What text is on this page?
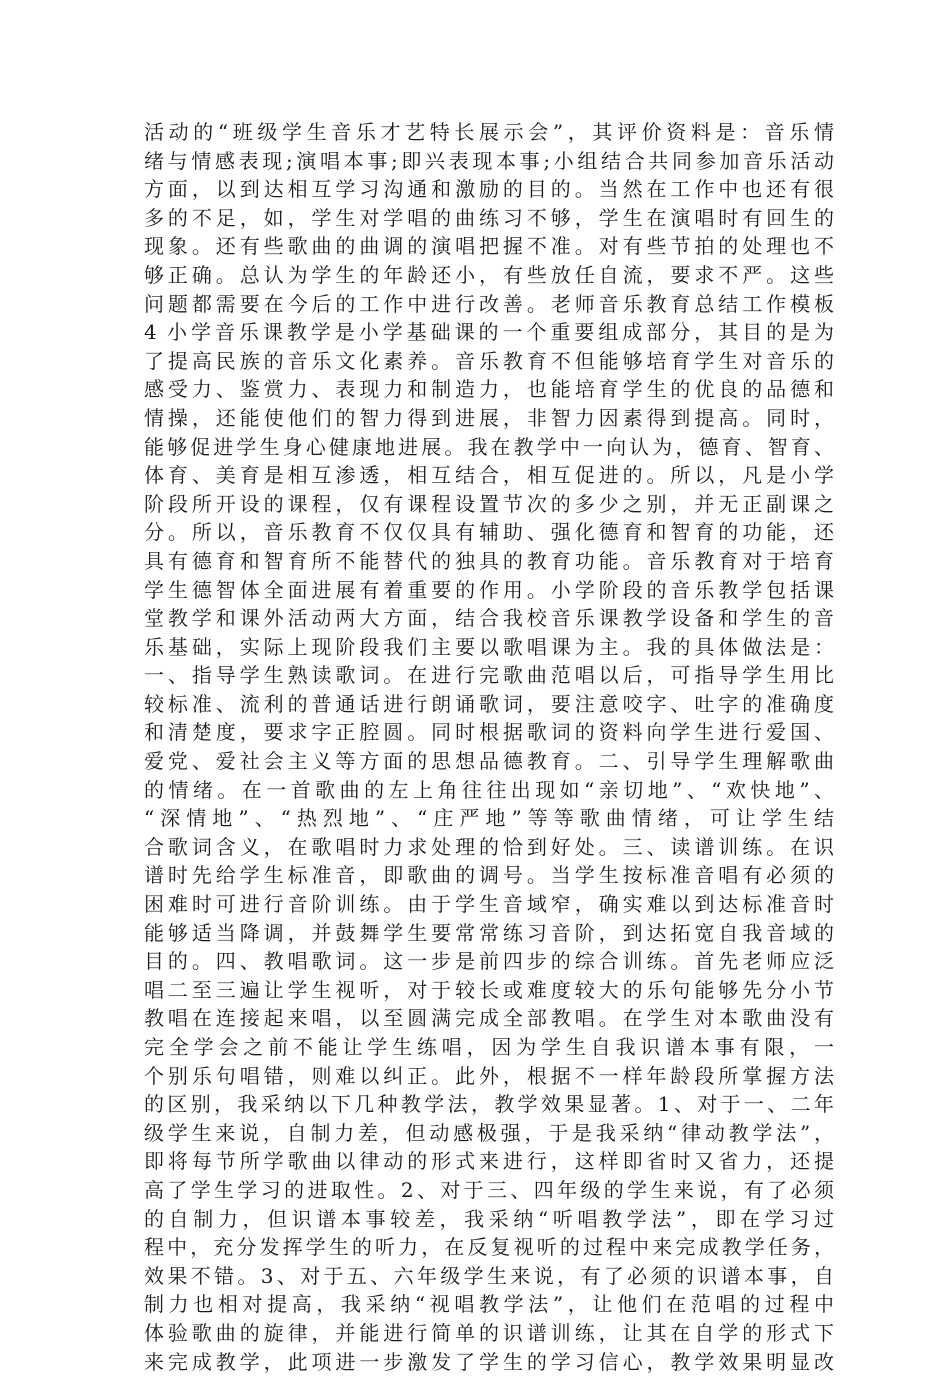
活动的“班级学生音乐才艺特长展示会”，其评价资料是：音乐情
绪与情感表现;演唱本事;即兴表现本事;小组结合共同参加音乐活动
方面，以到达相互学习沟通和激励的目的。当然在工作中也还有很
多的不足，如，学生对学唱的曲练习不够，学生在演唱时有回生的
现象。还有些歌曲的曲调的演唱把握不准。对有些节拍的处理也不
够正确。总认为学生的年龄还小，有些放任自流，要求不严。这些
问题都需要在今后的工作中进行改善。老师音乐教育总结工作模板
4 小学音乐课教学是小学基础课的一个重要组成部分，其目的是为
了提高民族的音乐文化素养。音乐教育不但能够培育学生对音乐的
感受力、鉴赏力、表现力和制造力，也能培育学生的优良的品德和
情操，还能使他们的智力得到进展，非智力因素得到提高。同时，
能够促进学生身心健康地进展。我在教学中一向认为，德育、智育、
体育、美育是相互渗透，相互结合，相互促进的。所以，凡是小学
阶段所开设的课程，仅有课程设置节次的多少之别，并无正副课之
分。所以，音乐教育不仅仅具有辅助、强化德育和智育的功能，还
具有德育和智育所不能替代的独具的教育功能。音乐教育对于培育
学生德智体全面进展有着重要的作用。小学阶段的音乐教学包括课
堂教学和课外活动两大方面，结合我校音乐课教学设备和学生的音
乐基础，实际上现阶段我们主要以歌唱课为主。我的具体做法是：
一、指导学生熟读歌词。在进行完歌曲范唱以后，可指导学生用比
较标准、流利的普通话进行朗诵歌词，要注意咬字、吐字的准确度
和清楚度，要求字正腔圆。同时根据歌词的资料向学生进行爱国、
爱党、爱社会主义等方面的思想品德教育。二、引导学生理解歌曲
的情绪。在一首歌曲的左上角往往出现如“亲切地”、“欢快地”、
“深情地”、“热烈地”、“庄严地”等等歌曲情绪，可让学生结
合歌词含义，在歌唱时力求处理的恰到好处。三、读谱训练。在识
谱时先给学生标准音，即歌曲的调号。当学生按标准音唱有必须的
困难时可进行音阶训练。由于学生音域窄，确实难以到达标准音时
能够适当降调，并鼓舞学生要常常练习音阶，到达拓宽自我音域的
目的。四、教唱歌词。这一步是前四步的综合训练。首先老师应泛
唱二至三遍让学生视听，对于较长或难度较大的乐句能够先分小节
教唱在连接起来唱，以至圆满完成全部教唱。在学生对本歌曲没有
完全学会之前不能让学生练唱，因为学生自我识谱本事有限，一
个别乐句唱错，则难以纠正。此外，根据不一样年龄段所掌握方法
的区别，我采纳以下几种教学法，教学效果显著。1、对于一、二年
级学生来说，自制力差，但动感极强，于是我采纳“律动教学法”，
即将每节所学歌曲以律动的形式来进行，这样即省时又省力，还提
高了学生学习的进取性。2、对于三、四年级的学生来说，有了必须
的自制力，但识谱本事较差，我采纳“听唱教学法”，即在学习过
程中，充分发挥学生的听力，在反复视听的过程中来完成教学任务，
效果不错。3、对于五、六年级学生来说，有了必须的识谱本事，自
制力也相对提高，我采纳“视唱教学法”，让他们在范唱的过程中
体验歌曲的旋律，并能进行简单的识谱训练，让其在自学的形式下
来完成教学，此项进一步激发了学生的学习信心，教学效果明显改
